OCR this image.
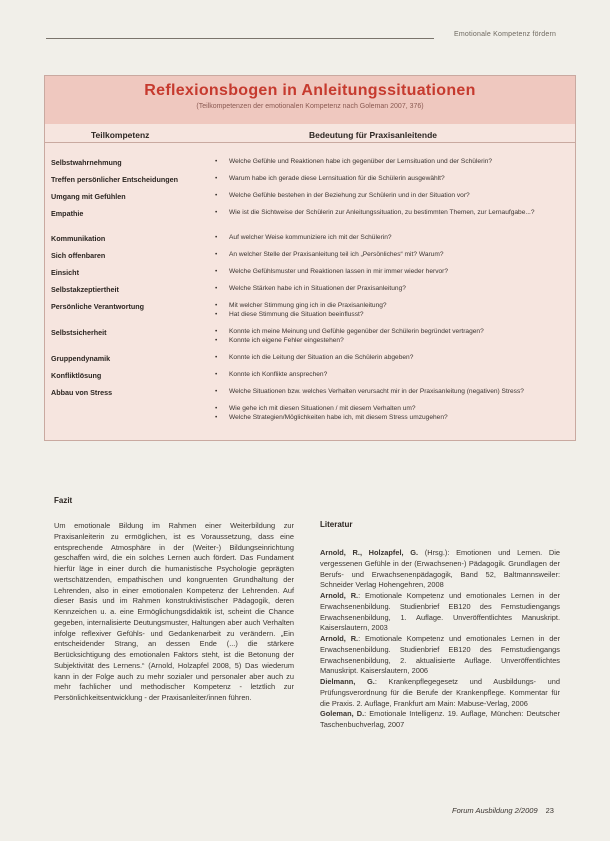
Emotionale Kompetenz fördern
Reflexionsbogen in Anleitungssituationen
(Teilkompetenzen der emotionalen Kompetenz nach Goleman 2007, 376)
Teilkompetenz	Bedeutung für Praxisanleitende
Selbstwahrnehmung	• Welche Gefühle und Reaktionen habe ich gegenüber der Lernsituation und der Schülerin?
Treffen persönlicher Entscheidungen	• Warum habe ich gerade diese Lernsituation für die Schülerin ausgewählt?
Umgang mit Gefühlen	• Welche Gefühle bestehen in der Beziehung zur Schülerin und in der Situation vor?
Empathie	• Wie ist die Sichtweise der Schülerin zur Anleitungssituation, zu bestimmten Themen, zur Lernaufgabe...?
Kommunikation	• Auf welcher Weise kommuniziere ich mit der Schülerin?
Sich offenbaren	• An welcher Stelle der Praxisanleitung teil ich „Persönliches“ mit? Warum?
Einsicht	• Welche Gefühlsmuster und Reaktionen lassen in mir immer wieder hervor?
Selbstakzeptiertheit	• Welche Stärken habe ich in Situationen der Praxisanleitung?
Persönliche Verantwortung	• Mit welcher Stimmung ging ich in die Praxisanleitung?
• Hat diese Stimmung die Situation beeinflusst?
Selbstsicherheit	• Konnte ich meine Meinung und Gefühle gegenüber der Schülerin begründet vertragen?
• Konnte ich eigene Fehler eingestehen?
Gruppendynamik	• Konnte ich die Leitung der Situation an die Schülerin abgeben?
Konfliktlösung	• Konnte ich Konflikte ansprechen?
Abbau von Stress	• Welche Situationen bzw. welches Verhalten verursacht mir in der Praxisanleitung (negativen) Stress?
• Wie gehe ich mit diesen Situationen / mit diesem Verhalten um?
• Welche Strategien/Möglichkeiten habe ich, mit diesem Stress umzugehen?
Fazit

Um emotionale Bildung im Rahmen einer Weiterbildung zur Praxisanleiterin zu ermöglichen, ist es Voraussetzung, dass eine entsprechende Atmosphäre in der (Weiter-) Bildungseinrichtung geschaffen wird, die ein solches Lernen auch fördert. Das Fundament hierfür läge in einer durch die humanistische Psychologie geprägten wertschätzenden, empathischen und kongruenten Grundhaltung der Lehrenden, also in einer emotionalen Kompetenz der Lehrenden. Auf dieser Basis und im Rahmen konstruktivistischer Pädagogik, deren Kennzeichen u. a. eine Ermöglichungsdidaktik ist, scheint die Chance gegeben, internalisierte Deutungsmuster, Haltungen aber auch Verhalten infolge reflexiver Gefühls- und Gedankenarbeit zu verändern. „Ein entscheidender Strang, an dessen Ende (...) die stärkere Berücksichtigung des emotionalen Faktors steht, ist die Betonung der Subjektivität des Lernens.“ (Arnold, Holzapfel 2008, 5) Das wiederum kann in der Folge auch zu mehr sozialer und personaler aber auch zu mehr fachlicher und methodischer Kompetenz - letztlich zur Persönlichkeitsentwicklung - der Praxisanleiter/innen führen.

Literatur

Arnold, R., Holzapfel, G. (Hrsg.): Emotionen und Lernen. Die vergessenen Gefühle in der (Erwachsenen-) Pädagogik. Grundlagen der Berufs- und Erwachsenenpädagogik, Band 52, Baltmannsweiler: Schneider Verlag Hohengehren, 2008

Arnold, R.: Emotionale Kompetenz und emotionales Lernen in der Erwachsenenbildung. Studienbrief EB120 des Fernstudiengangs Erwachsenenbildung, 1. Auflage. Unveröffentlichtes Manuskript. Kaiserslautern, 2003

Arnold, R.: Emotionale Kompetenz und emotionales Lernen in der Erwachsenenbildung. Studienbrief EB120 des Fernstudiengangs Erwachsenenbildung, 2. aktualisierte Auflage. Unveröffentlichtes Manuskript. Kaiserslautern, 2006

Dielmann, G.: Krankenpflegegesetz und Ausbildungs- und Prüfungsverordnung für die Berufe der Krankenpflege. Kommentar für die Praxis. 2. Auflage, Frankfurt am Main: Mabuse-Verlag, 2006

Goleman, D.: Emotionale Intelligenz. 19. Auflage, München: Deutscher Taschenbuchverlag, 2007

Forum Ausbildung 2/2009 23
